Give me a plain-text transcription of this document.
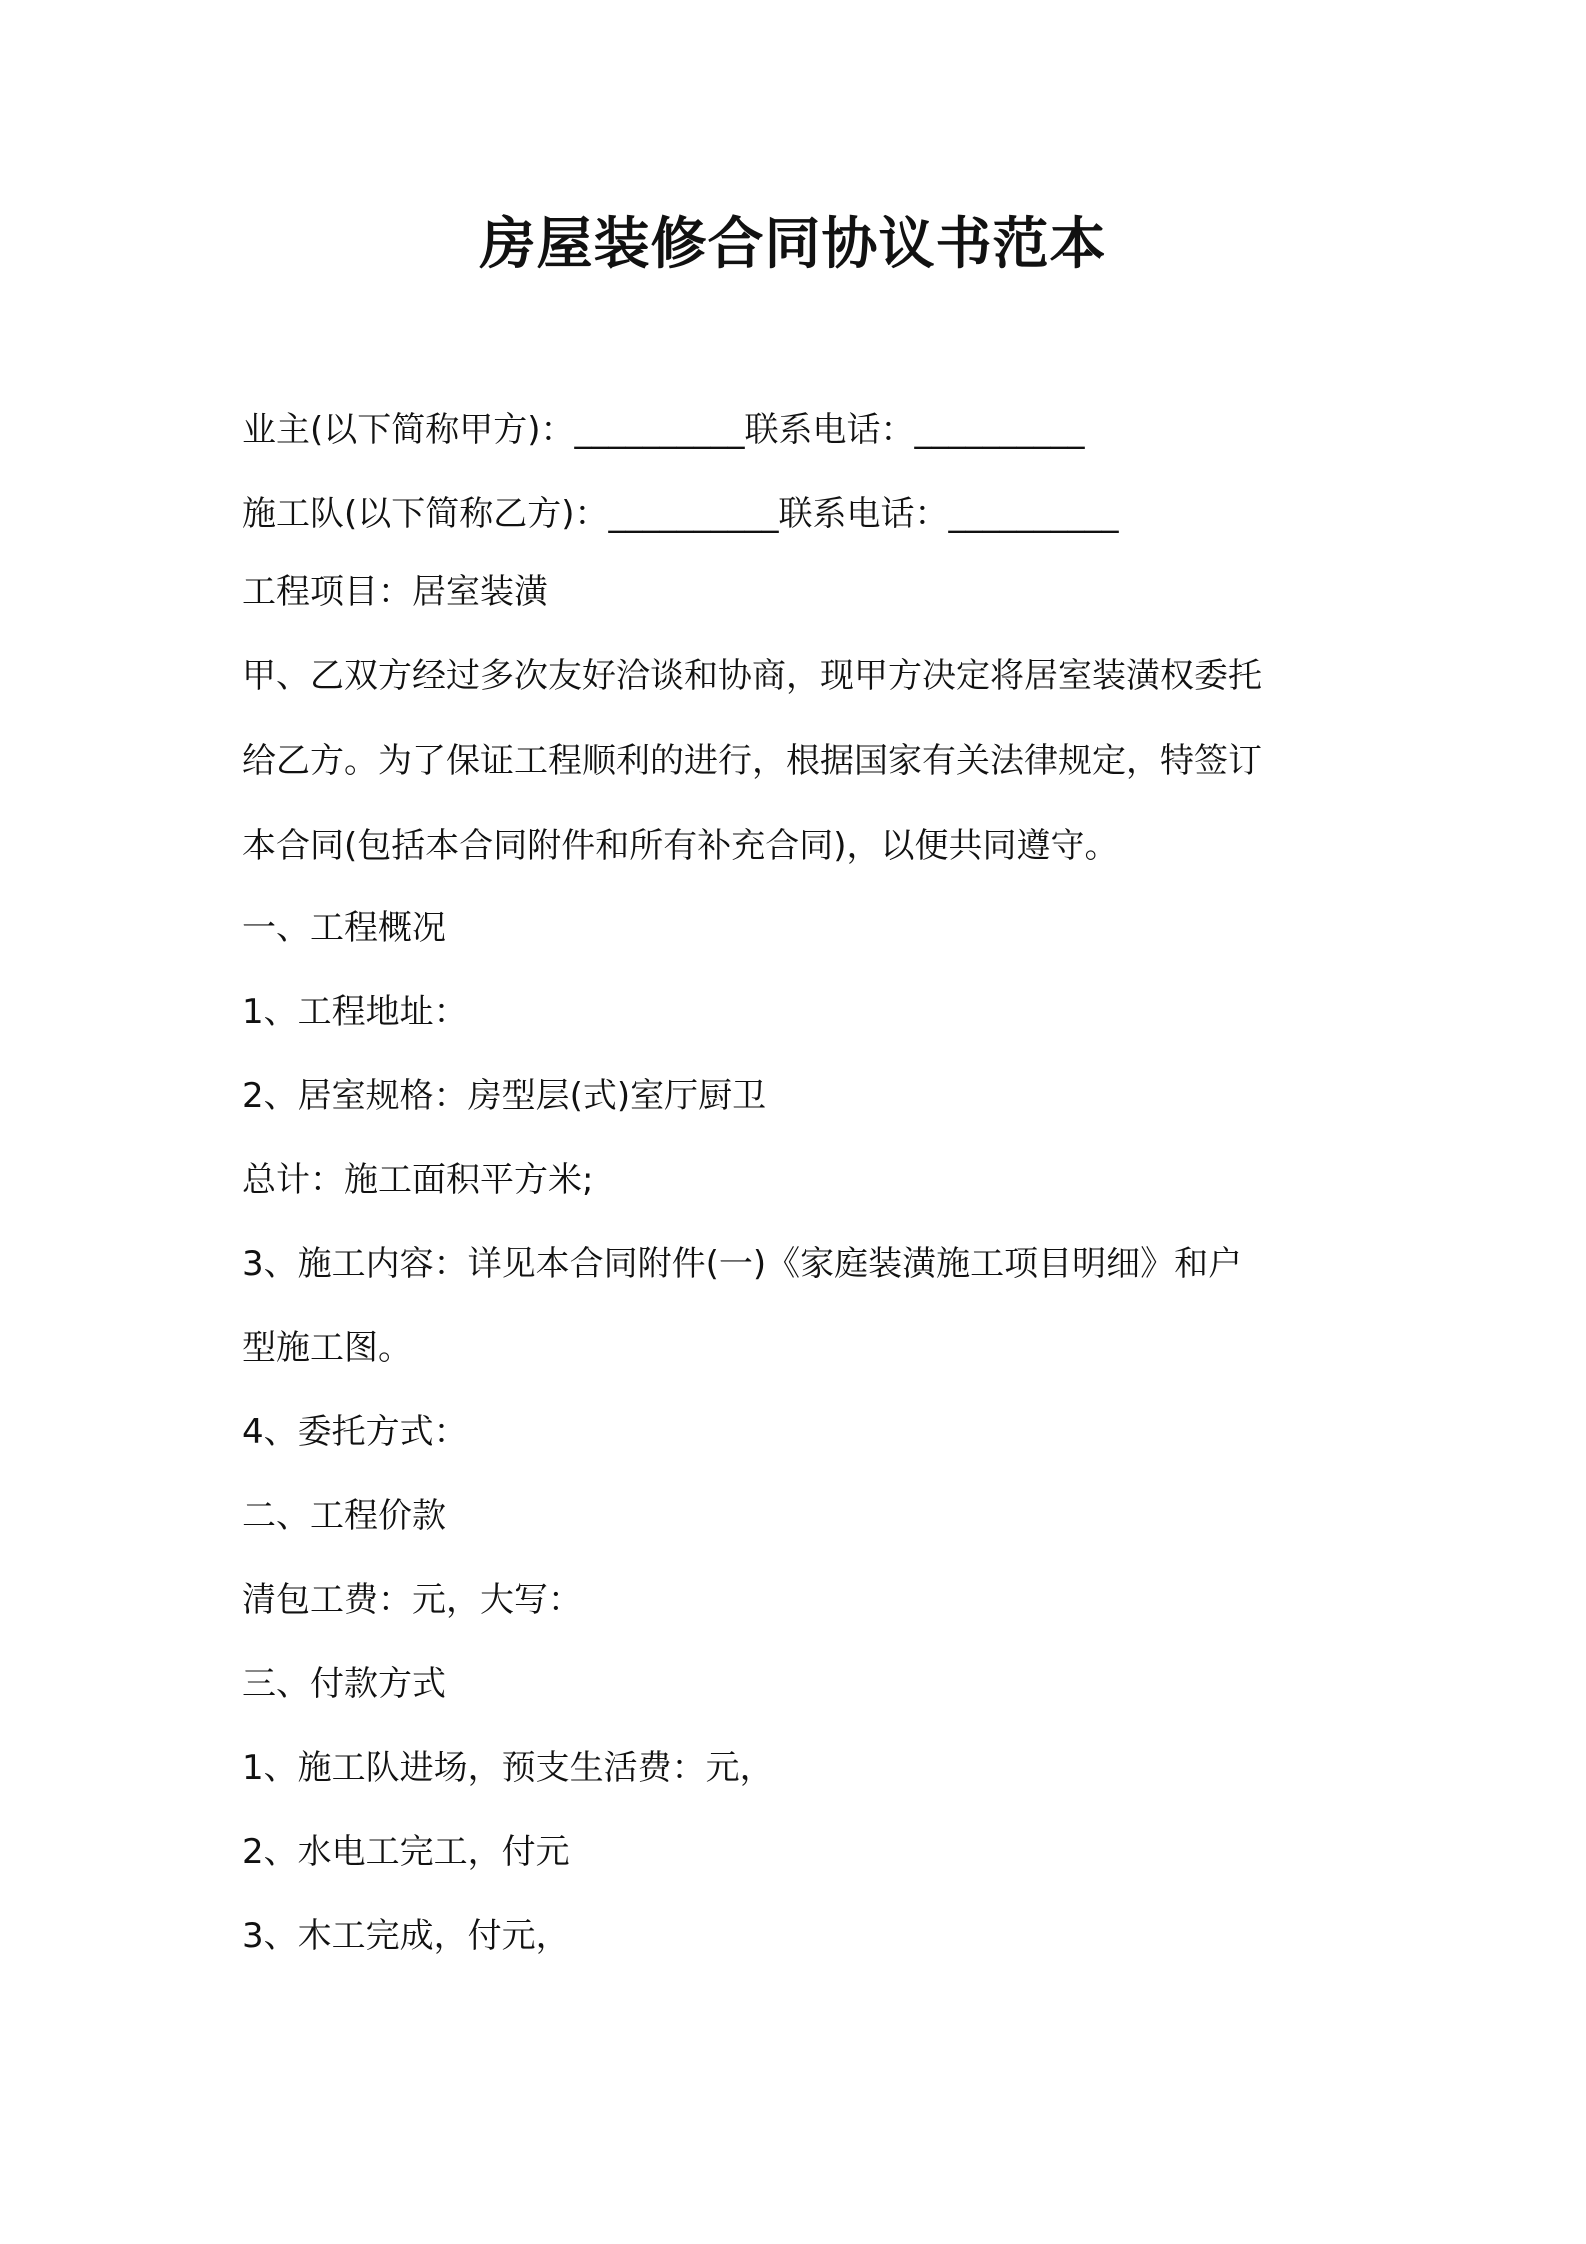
房屋装修合同协议书范本
业主(以下简称甲方)：__________联系电话：__________
施工队(以下简称乙方)：__________联系电话：__________
工程项目：居室装潢
甲、乙双方经过多次友好洽谈和协商，现甲方决定将居室装潢权委托
给乙方。为了保证工程顺利的进行，根据国家有关法律规定，特签订
本合同(包括本合同附件和所有补充合同)，以便共同遵守。
一、工程概况
1、工程地址：
2、居室规格：房型层(式)室厅厨卫
总计：施工面积平方米;
3、施工内容：详见本合同附件(一)《家庭装潢施工项目明细》和户
型施工图。
4、委托方式：
二、工程价款
清包工费：元，大写：
三、付款方式
1、施工队进场，预支生活费：元，
2、水电工完工，付元
3、木工完成，付元，
